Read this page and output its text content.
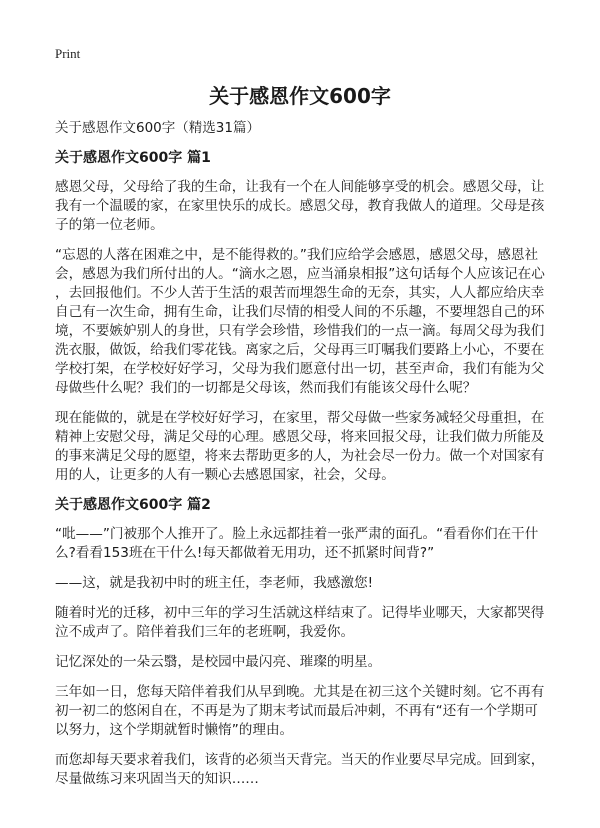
Print
关于感恩作文600字
关于感恩作文600字（精选31篇）
关于感恩作文600字 篇1

感恩父母，父母给了我的生命，让我有一个在人间能够享受的机会。感恩父母，让
我有一个温暖的家，在家里快乐的成长。感恩父母，教育我做人的道理。父母是孩
子的第一位老师。

“忘恩的人落在困难之中，是不能得救的。”我们应给学会感恩，感恩父母，感恩社
会，感恩为我们所付出的人。“滴水之恩，应当涌泉相报”这句话每个人应该记在心
，去回报他们。不少人苦于生活的艰苦而埋怨生命的无奈，其实，人人都应给庆幸
自己有一次生命，拥有生命，让我们尽情的相受人间的不乐趣，不要埋怨自己的环
境，不要嫉妒别人的身世，只有学会珍惜，珍惜我们的一点一滴。每周父母为我们
洗衣服，做饭，给我们零花钱。离家之后，父母再三叮嘱我们要路上小心，不要在
学校打架，在学校好好学习，父母为我们愿意付出一切，甚至声命，我们有能为父
母做些什么呢？我们的一切都是父母该，然而我们有能该父母什么呢？

现在能做的，就是在学校好好学习，在家里，帮父母做一些家务减轻父母重担，在
精神上安慰父母，满足父母的心理。感恩父母，将来回报父母，让我们做力所能及
的事来满足父母的愿望，将来去帮助更多的人，为社会尽一份力。做一个对国家有
用的人，让更多的人有一颗心去感恩国家，社会，父母。

关于感恩作文600字 篇2

“吡——”门被那个人推开了。脸上永远都挂着一张严肃的面孔。“看看你们在干什
么?看看153班在干什么!每天都做着无用功，还不抓紧时间背?”

——这，就是我初中时的班主任，李老师，我感激您!

随着时光的迁移，初中三年的学习生活就这样结束了。记得毕业哪天，大家都哭得
泣不成声了。陪伴着我们三年的老班啊，我爱你。

记忆深处的一朵云翳，是校园中最闪亮、璀璨的明星。

三年如一日，您每天陪伴着我们从早到晚。尤其是在初三这个关键时刻。它不再有
初一初二的悠闲自在，不再是为了期末考试而最后冲刺，不再有“还有一个学期可
以努力，这个学期就暂时懒惰”的理由。

而您却每天要求着我们，该背的必须当天背完。当天的作业要尽早完成。回到家，
尽量做练习来巩固当天的知识……
